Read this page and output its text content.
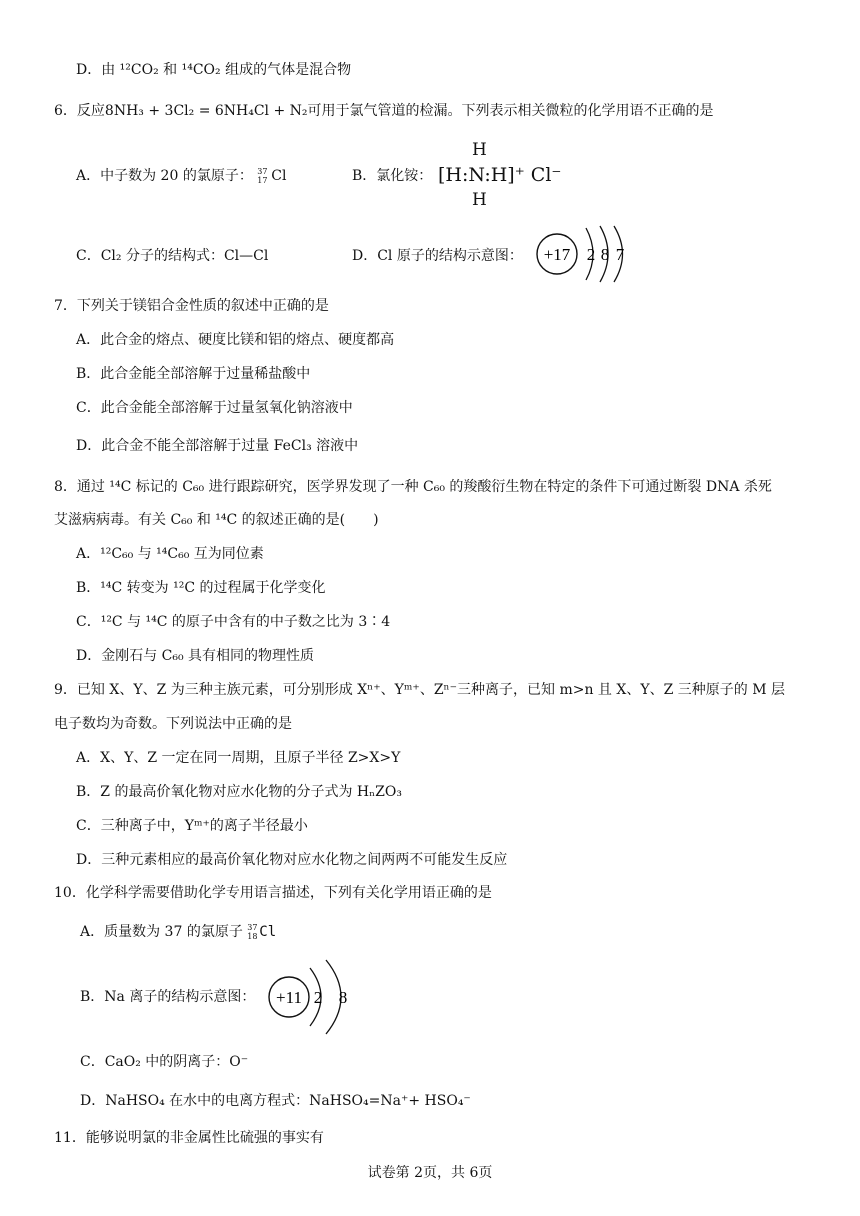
D．由 ¹²CO₂ 和 ¹⁴CO₂ 组成的气体是混合物
6．反应8NH₃ + 3Cl₂ = 6NH₄Cl + N₂可用于氯气管道的检漏。下列表示相关微粒的化学用语不正确的是
A．中子数为 20 的氯原子： 37
17 Cl	B．氯化铵： [H:N:H]⁺ Cl⁻
H
H
C．Cl₂ 分子的结构式：Cl—Cl	D．Cl 原子的结构示意图： +17 2 8 7
7．下列关于镁铝合金性质的叙述中正确的是
A．此合金的熔点、硬度比镁和铝的熔点、硬度都高
B．此合金能全部溶解于过量稀盐酸中
C．此合金能全部溶解于过量氢氧化钠溶液中
D．此合金不能全部溶解于过量 FeCl₃ 溶液中
8．通过 ¹⁴C 标记的 C₆₀ 进行跟踪研究，医学界发现了一种 C₆₀ 的羧酸衍生物在特定的条件下可通过断裂 DNA 杀死
艾滋病病毒。有关 C₆₀ 和 ¹⁴C 的叙述正确的是(　　)
A．¹²C₆₀ 与 ¹⁴C₆₀ 互为同位素
B．¹⁴C 转变为 ¹²C 的过程属于化学变化
C．¹²C 与 ¹⁴C 的原子中含有的中子数之比为 3∶4
D．金刚石与 C₆₀ 具有相同的物理性质
9．已知 X、Y、Z 为三种主族元素，可分别形成 Xⁿ⁺、Yᵐ⁺、Zⁿ⁻三种离子，已知 m>n 且 X、Y、Z 三种原子的 M 层
电子数均为奇数。下列说法中正确的是
A．X、Y、Z 一定在同一周期，且原子半径 Z>X>Y
B．Z 的最高价氧化物对应水化物的分子式为 HₙZO₃
C．三种离子中，Yᵐ⁺的离子半径最小
D．三种元素相应的最高价氧化物对应水化物之间两两不可能发生反应
10．化学科学需要借助化学专用语言描述，下列有关化学用语正确的是
A．质量数为 37 的氯原子 37
18 Cl
B．Na 离子的结构示意图： +11 2 8
C．CaO₂ 中的阴离子：O⁻
D．NaHSO₄ 在水中的电离方程式：NaHSO₄=Na⁺+ HSO₄⁻
11．能够说明氯的非金属性比硫强的事实有
试卷第 2页，共 6页
